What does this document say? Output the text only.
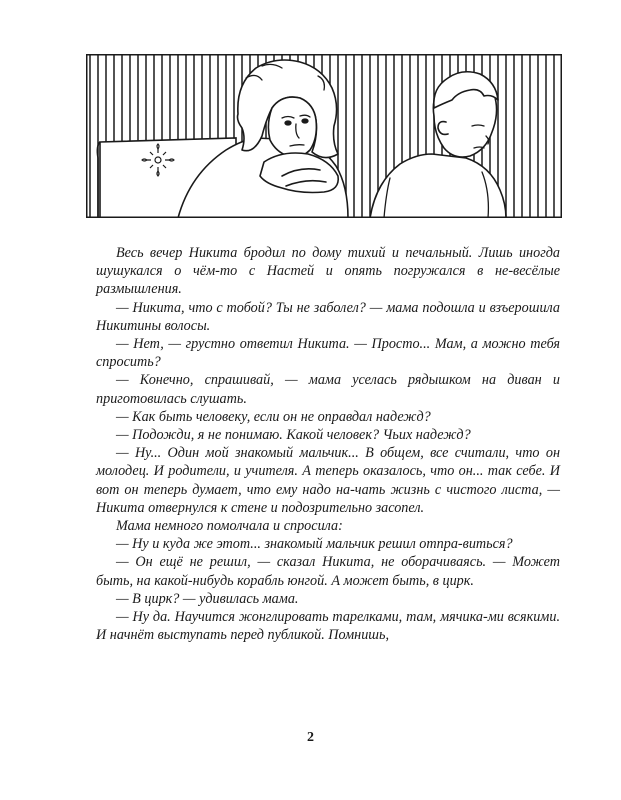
Весь вечер Никита бродил по дому тихий и печальный. Лишь иногда шушукался о чём-то с Настей и опять погружался в не-весёлые размышления.

— Никита, что с тобой? Ты не заболел? — мама подошла и взъерошила Никитины волосы.

— Нет, — грустно ответил Никита. — Просто... Мам, а можно тебя спросить?

— Конечно, спрашивай, — мама уселась рядышком на диван и приготовилась слушать.

— Как быть человеку, если он не оправдал надежд?

— Подожди, я не понимаю. Какой человек? Чьих надежд?

— Ну... Один мой знакомый мальчик... В общем, все считали, что он молодец. И родители, и учителя. А теперь оказалось, что он... так себе. И вот он теперь думает, что ему надо на-чать жизнь с чистого листа, — Никита отвернулся к стене и подозрительно засопел.

Мама немного помолчала и спросила:

— Ну и куда же этот... знакомый мальчик решил отпра-виться?

— Он ещё не решил, — сказал Никита, не оборачиваясь. — Может быть, на какой-нибудь корабль юнгой. А может быть, в цирк.

— В цирк? — удивилась мама.

— Ну да. Научится жонглировать тарелками, там, мячика-ми всякими. И начнёт выступать перед публикой. Помнишь,

2
